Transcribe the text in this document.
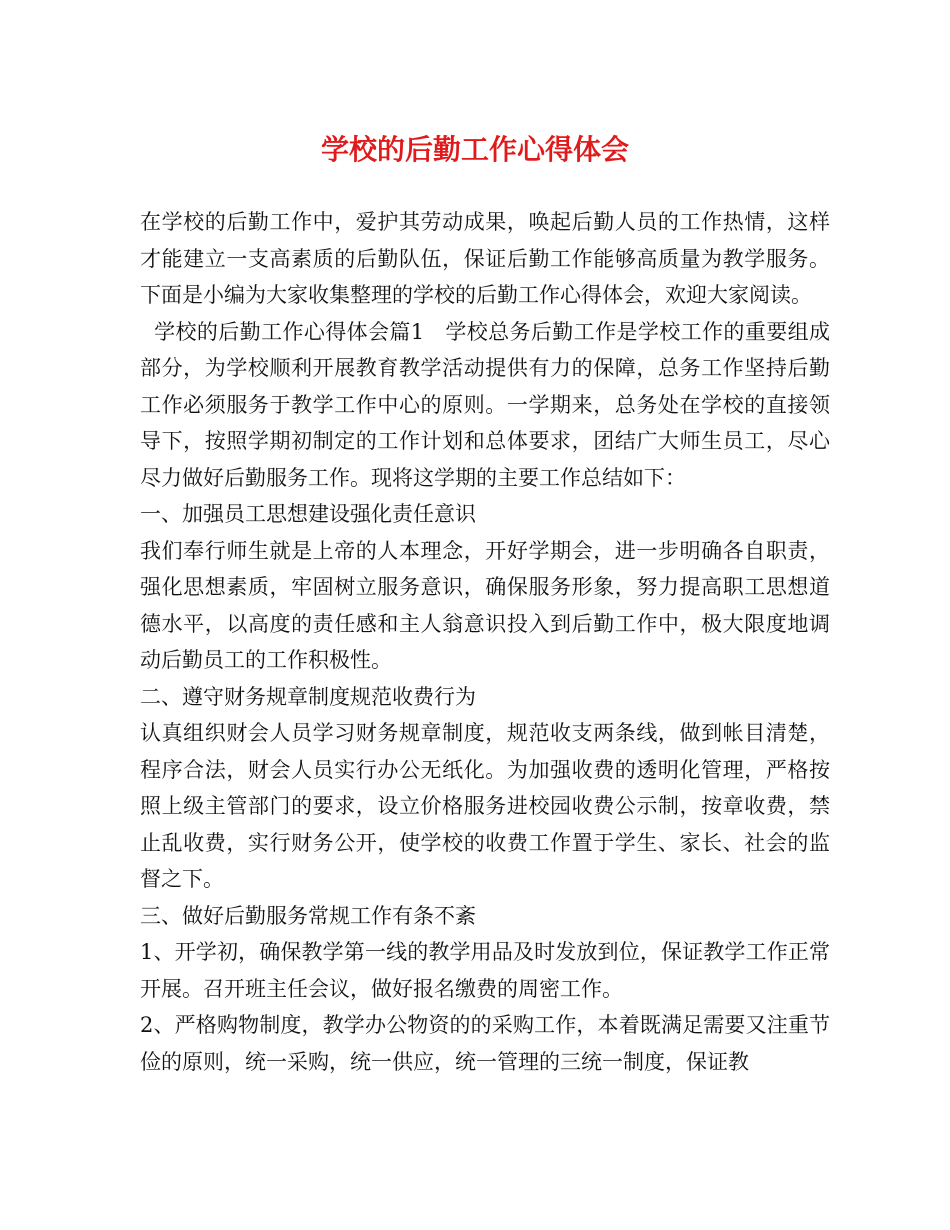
学校的后勤工作心得体会

在学校的后勤工作中，爱护其劳动成果，唤起后勤人员的工作热情，这样才能建立一支高素质的后勤队伍，保证后勤工作能够高质量为教学服务。下面是小编为大家收集整理的学校的后勤工作心得体会，欢迎大家阅读。

学校的后勤工作心得体会篇1   学校总务后勤工作是学校工作的重要组成部分，为学校顺利开展教育教学活动提供有力的保障，总务工作坚持后勤工作必须服务于教学工作中心的原则。一学期来，总务处在学校的直接领导下，按照学期初制定的工作计划和总体要求，团结广大师生员工，尽心尽力做好后勤服务工作。现将这学期的主要工作总结如下：

一、加强员工思想建设强化责任意识

我们奉行师生就是上帝的人本理念，开好学期会，进一步明确各自职责，强化思想素质，牢固树立服务意识，确保服务形象，努力提高职工思想道德水平，以高度的责任感和主人翁意识投入到后勤工作中，极大限度地调动后勤员工的工作积极性。

二、遵守财务规章制度规范收费行为

认真组织财会人员学习财务规章制度，规范收支两条线，做到帐目清楚，程序合法，财会人员实行办公无纸化。为加强收费的透明化管理，严格按照上级主管部门的要求，设立价格服务进校园收费公示制，按章收费，禁止乱收费，实行财务公开，使学校的收费工作置于学生、家长、社会的监督之下。

三、做好后勤服务常规工作有条不紊

1、开学初，确保教学第一线的教学用品及时发放到位，保证教学工作正常开展。召开班主任会议，做好报名缴费的周密工作。

2、严格购物制度，教学办公物资的的采购工作，本着既满足需要又注重节俭的原则，统一采购，统一供应，统一管理的三统一制度，保证教
